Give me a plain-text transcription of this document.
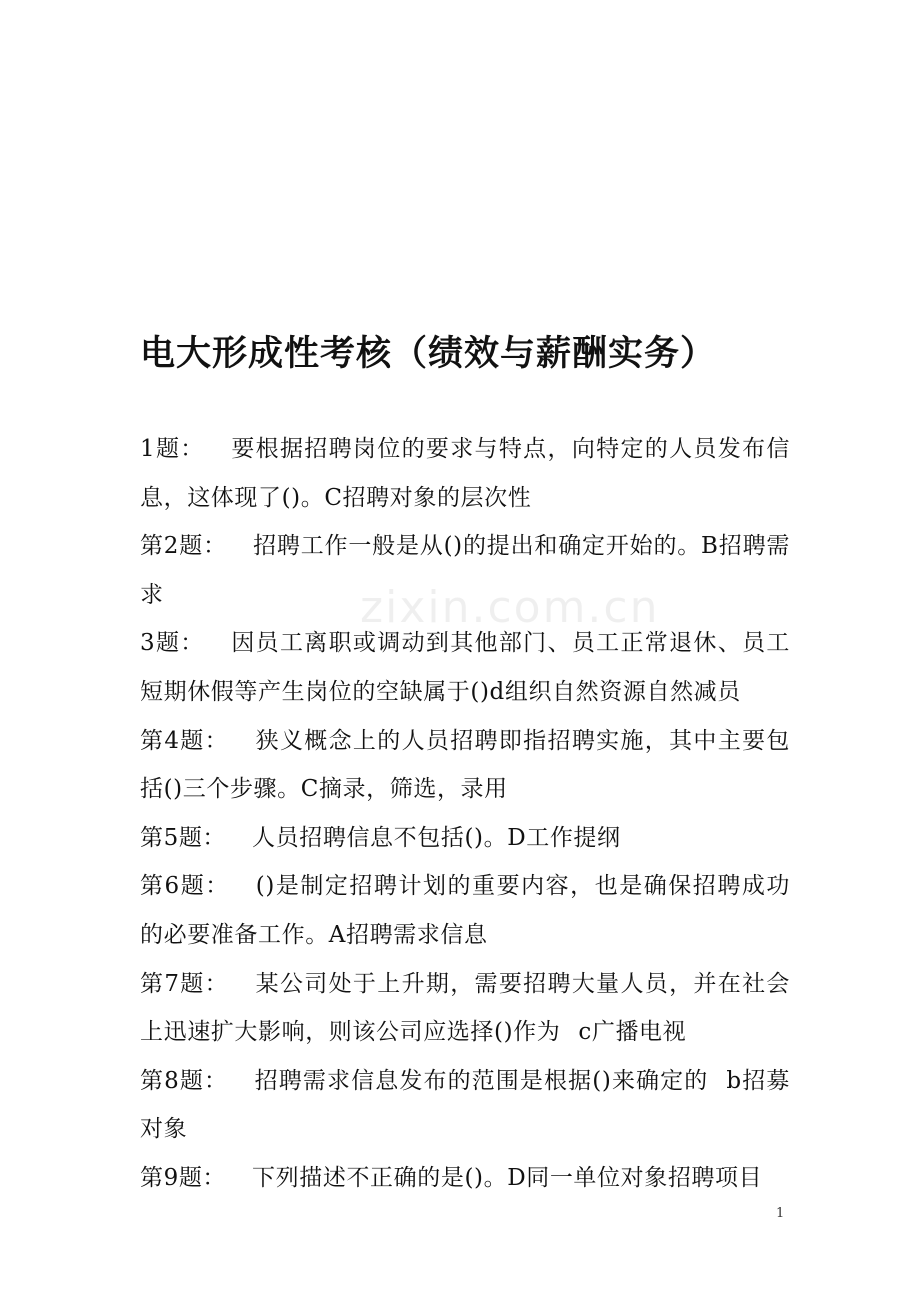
zixin.com.cn
电大形成性考核（绩效与薪酬实务）

1题： 要根据招聘岗位的要求与特点，向特定的人员发布信息，这体现了()。C招聘对象的层次性

第2题： 招聘工作一般是从()的提出和确定开始的。B招聘需求

3题： 因员工离职或调动到其他部门、员工正常退休、员工短期休假等产生岗位的空缺属于()d组织自然资源自然减员

第4题： 狭义概念上的人员招聘即指招聘实施，其中主要包括()三个步骤。C摘录，筛选，录用

第5题： 人员招聘信息不包括()。D工作提纲

第6题： ()是制定招聘计划的重要内容，也是确保招聘成功的必要准备工作。A招聘需求信息

第7题： 某公司处于上升期，需要招聘大量人员，并在社会上迅速扩大影响，则该公司应选择()作为 c广播电视

第8题： 招聘需求信息发布的范围是根据()来确定的 b招募对象

第9题： 下列描述不正确的是()。D同一单位对象招聘项目

1
